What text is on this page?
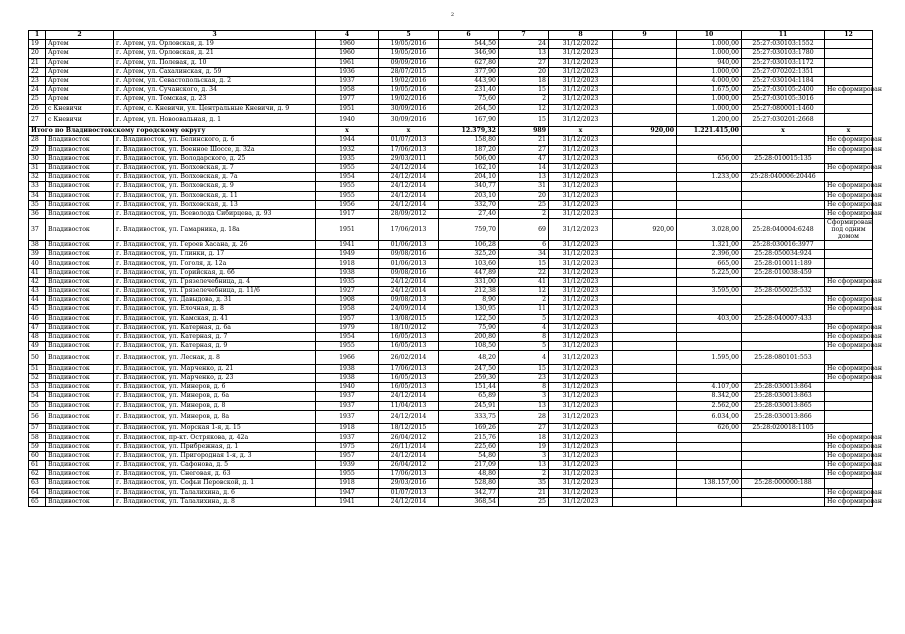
2
1	2	3	4	5	6	7	8	9	10	11	12
19	Артем	г. Артем, ул. Орловская, д. 19	1960	19/05/2016	544,50	24	31/12/2022		1.000,00	25:27:030103:1552	
20	Артем	г. Артем, ул. Орловская, д. 21	1960	19/05/2016	346,90	13	31/12/2023		1.000,00	25:27:030103:1780	
21	Артем	г. Артем, ул. Полевая, д. 10	1961	09/09/2016	627,80	27	31/12/2023		940,00	25:27:030103:1172	
22	Артем	г. Артем, ул. Сахалинская, д. 59	1936	28/07/2015	377,90	20	31/12/2023		1.000,00	25:27:070202:1351	
23	Артем	г. Артем, ул. Севастопольская, д. 2	1937	19/02/2016	443,90	18	31/12/2023		4.000,00	25:27:030104:1184	
24	Артем	г. Артем, ул. Сучанского, д. 34	1958	19/05/2016	231,40	15	31/12/2023		1.675,00	25:27:030105:2400	Не сформирован
25	Артем	г. Артем, ул. Томская, д. 23	1977	19/02/2016	75,60	2	31/12/2023		1.000,00	25:27:030105:3016	
26	с Кневичи	г. Артем, с. Кневичи, ул. Центральные Кневичи, д. 9	1951	30/09/2016	264,50	12	31/12/2023		1.000,00	25:27:080001:1460	
27	с Кневичи	г. Артем, ул. Новоовальная, д. 1	1940	30/09/2016	167,90	15	31/12/2023		1.200,00	25:27:030201:2668	
Итого по Владивостокскому городскому округу			x	x	12.379,32	989	x	920,00	1.221.415,00	x	x
28	Владивосток	г. Владивосток, ул. Белинского, д. 6	1944	01/07/2013	158,80	21	31/12/2023				Не сформирован
29	Владивосток	г. Владивосток, ул. Военное Шоссе, д. 32а	1932	17/06/2013	187,20	27	31/12/2023				Не сформирован
30	Владивосток	г. Владивосток, ул. Володарского, д. 25	1935	29/03/2011	506,00	47	31/12/2023		656,00	25:28:010015:135	
31	Владивосток	г. Владивосток, ул. Волховская, д. 7	1955	24/12/2014	162,10	14	31/12/2023				Не сформирован
32	Владивосток	г. Владивосток, ул. Волховская, д. 7а	1954	24/12/2014	204,10	13	31/12/2023		1.233,00	25:28:040006:20446	
33	Владивосток	г. Владивосток, ул. Волховская, д. 9	1955	24/12/2014	340,77	31	31/12/2023				Не сформирован
34	Владивосток	г. Владивосток, ул. Волховская, д. 11	1955	24/12/2014	203,10	20	31/12/2023				Не сформирован
35	Владивосток	г. Владивосток, ул. Волховская, д. 13	1956	24/12/2014	332,70	25	31/12/2023				Не сформирован
36	Владивосток	г. Владивосток, ул. Всеволода Сибирцева, д. 93	1917	28/09/2012	27,40	2	31/12/2023				Не сформирован
37	Владивосток	г. Владивосток, ул. Гамарника, д. 18а	1951	17/06/2013	759,70	69	31/12/2023	920,00	3.028,00	25:28:040004:6248	Сформирован под одним домом
38	Владивосток	г. Владивосток, ул. Героев Хасана, д. 26	1941	01/06/2013	106,28	6	31/12/2023		1.321,00	25:28:030016:3977	
39	Владивосток	г. Владивосток, ул. Глинки, д. 17	1949	09/08/2016	325,20	34	31/12/2023		2.396,00	25:28:050034:924	
40	Владивосток	г. Владивосток, ул. Гоголя, д. 12а	1918	01/06/2013	103,60	15	31/12/2023		665,00	25:28:010011:189	
41	Владивосток	г. Владивосток, ул. Горийская, д. 6б	1938	09/08/2016	447,89	22	31/12/2023		5.225,00	25:28:010038:459	
42	Владивосток	г. Владивосток, ул. Грязелечебница, д. 4	1935	24/12/2014	331,00	41	31/12/2023				Не сформирован
43	Владивосток	г. Владивосток, ул. Грязелечебница, д. 11/6	1927	24/12/2014	212,38	12	31/12/2023		3.595,00	25:28:050025:532	
44	Владивосток	г. Владивосток, ул. Давыдова, д. 31	1908	09/08/2013	8,90	2	31/12/2023				Не сформирован
45	Владивосток	г. Владивосток, ул. Елочная, д. 8	1958	24/09/2014	130,95	11	31/12/2023				Не сформирован
46	Владивосток	г. Владивосток, ул. Камская, д. 41	1957	13/08/2015	122,50	5	31/12/2023		403,00	25:28:040007:433	
47	Владивосток	г. Владивосток, ул. Катерная, д. 6а	1979	18/10/2012	75,90	4	31/12/2023				Не сформирован
48	Владивосток	г. Владивосток, ул. Катерная, д. 7	1954	16/05/2013	200,80	8	31/12/2023				Не сформирован
49	Владивосток	г. Владивосток, ул. Катерная, д. 9	1955	16/05/2013	108,50	5	31/12/2023				Не сформирован
50	Владивосток	г. Владивосток, ул. Леснак, д. 8	1966	26/02/2014	48,20	4	31/12/2023		1.595,00	25:28:080101:553	
51	Владивосток	г. Владивосток, ул. Марченко, д. 21	1938	17/06/2013	247,50	15	31/12/2023				Не сформирован
52	Владивосток	г. Владивосток, ул. Марченко, д. 23	1938	16/05/2013	259,30	23	31/12/2023				Не сформирован
53	Владивосток	г. Владивосток, ул. Минеров, д. 6	1940	16/05/2013	151,44	8	31/12/2023		4.107,00	25:28:030013:864	
54	Владивосток	г. Владивосток, ул. Минеров, д. 6а	1937	24/12/2014	65,89	3	31/12/2023		8.342,00	25:28:030013:863	
55	Владивосток	г. Владивосток, ул. Минеров, д. 8	1937	11/04/2013	245,91	13	31/12/2023		2.562,00	25:28:030013:865	
56	Владивосток	г. Владивосток, ул. Минеров, д. 8а	1937	24/12/2014	333,75	28	31/12/2023		6.034,00	25:28:030013:866	
57	Владивосток	г. Владивосток, ул. Морская 1-я, д. 15	1918	18/12/2015	169,26	27	31/12/2023		626,00	25:28:020018:1105	
58	Владивосток	г. Владивосток, пр-кт. Острякова, д. 42а	1937	26/04/2012	215,76	18	31/12/2023				Не сформирован
59	Владивосток	г. Владивосток, ул. Прибрежная, д. 1	1975	26/11/2014	225,60	19	31/12/2023				Не сформирован
60	Владивосток	г. Владивосток, ул. Пригородная 1-я, д. 3	1957	24/12/2014	54,80	3	31/12/2023				Не сформирован
61	Владивосток	г. Владивосток, ул. Сафонова, д. 5	1939	26/04/2012	217,09	13	31/12/2023				Не сформирован
62	Владивосток	г. Владивосток, ул. Снеговая, д. 63	1955	17/06/2013	48,80	2	31/12/2023				Не сформирован
63	Владивосток	г. Владивосток, ул. Софьи Перовской, д. 1	1918	29/03/2016	528,80	35	31/12/2023		138.157,00	25:28:000000:188	
64	Владивосток	г. Владивосток, ул. Талалихина, д. 6	1947	01/07/2013	342,77	21	31/12/2023				Не сформирован
65	Владивосток	г. Владивосток, ул. Талалихина, д. 8	1941	24/12/2014	368,54	25	31/12/2023				Не сформирован
